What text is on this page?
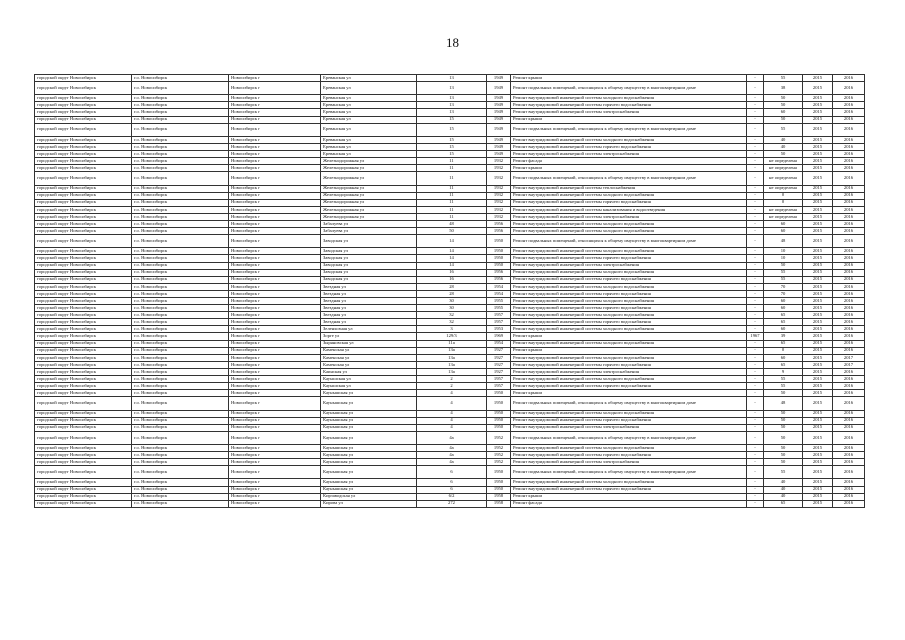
18
городской округ Новосибирск	г.о. Новосибирск	Новосибирск г	Ереванская ул	13	1949	Ремонт крыши	-	55	2015	2016
городской округ Новосибирск	г.о. Новосибирск	Новосибирск г	Ереванская ул	13	1949	Ремонт подвальных помещений, относящихся к общему имуществу в многоквартирном доме	-	38	2015	2016
городской округ Новосибирск	г.о. Новосибирск	Новосибирск г	Ереванская ул	13	1949	Ремонт внутридомовой инженерной системы холодного водоснабжения	-	50	2015	2016
городской округ Новосибирск	г.о. Новосибирск	Новосибирск г	Ереванская ул	13	1949	Ремонт внутридомовой инженерной системы горячего водоснабжения	-	50	2015	2016
городской округ Новосибирск	г.о. Новосибирск	Новосибирск г	Ереванская ул	13	1949	Ремонт внутридомовой инженерной системы электроснабжения	-	60	2015	2016
городской округ Новосибирск	г.о. Новосибирск	Новосибирск г	Ереванская ул	15	1949	Ремонт крыши	-	50	2015	2016
городской округ Новосибирск	г.о. Новосибирск	Новосибирск г	Ереванская ул	15	1949	Ремонт подвальных помещений, относящихся к общему имуществу в многоквартирном доме	-	55	2015	2016
городской округ Новосибирск	г.о. Новосибирск	Новосибирск г	Ереванская ул	15	1949	Ремонт внутридомовой инженерной системы холодного водоснабжения	-	40	2015	2016
городской округ Новосибирск	г.о. Новосибирск	Новосибирск г	Ереванская ул	15	1949	Ремонт внутридомовой инженерной системы горячего водоснабжения	-	40	2015	2016
городской округ Новосибирск	г.о. Новосибирск	Новосибирск г	Ереванская ул	15	1949	Ремонт внутридомовой инженерной системы электроснабжения	-	50	2015	2016
городской округ Новосибирск	г.о. Новосибирск	Новосибирск г	Железнодорожная ул	11	1932	Ремонт фасада	-	не определена	2015	2016
городской округ Новосибирск	г.о. Новосибирск	Новосибирск г	Железнодорожная ул	11	1932	Ремонт крыши	-	не определена	2015	2016
городской округ Новосибирск	г.о. Новосибирск	Новосибирск г	Железнодорожная ул	11	1932	Ремонт подвальных помещений, относящихся к общему имуществу в многоквартирном доме	-	не определена	2015	2016
городской округ Новосибирск	г.о. Новосибирск	Новосибирск г	Железнодорожная ул	11	1932	Ремонт внутридомовой инженерной системы теплоснабжения	-	не определена	2015	2016
городской округ Новосибирск	г.о. Новосибирск	Новосибирск г	Железнодорожная ул	11	1932	Ремонт внутридомовой инженерной системы холодного водоснабжения	-	0	2015	2016
городской округ Новосибирск	г.о. Новосибирск	Новосибирск г	Железнодорожная ул	11	1932	Ремонт внутридомовой инженерной системы горячего водоснабжения	-	0	2015	2016
городской округ Новосибирск	г.о. Новосибирск	Новосибирск г	Железнодорожная ул	11	1932	Ремонт внутридомовой инженерной системы канализования и водоотведения	-	не определена	2015	2016
городской округ Новосибирск	г.о. Новосибирск	Новосибирск г	Железнодорожная ул	11	1932	Ремонт внутридомовой инженерной системы электроснабжения	-	не определена	2015	2016
городской округ Новосибирск	г.о. Новосибирск	Новосибирск г	Забалуева ул	48	1956	Ремонт внутридомовой инженерной системы холодного водоснабжения	-	60	2015	2016
городской округ Новосибирск	г.о. Новосибирск	Новосибирск г	Забалуева ул	50	1956	Ремонт внутридомовой инженерной системы холодного водоснабжения	-	60	2015	2016
городской округ Новосибирск	г.о. Новосибирск	Новосибирск г	Заводская ул	14	1950	Ремонт подвальных помещений, относящихся к общему имуществу в многоквартирном доме	-	48	2015	2016
городской округ Новосибирск	г.о. Новосибирск	Новосибирск г	Заводская ул	14	1950	Ремонт внутридомовой инженерной системы холодного водоснабжения	-	10	2015	2016
городской округ Новосибирск	г.о. Новосибирск	Новосибирск г	Заводская ул	14	1950	Ремонт внутридомовой инженерной системы горячего водоснабжения	-	10	2015	2016
городской округ Новосибирск	г.о. Новосибирск	Новосибирск г	Заводская ул	14	1950	Ремонт внутридомовой инженерной системы электроснабжения	-	50	2015	2016
городской округ Новосибирск	г.о. Новосибирск	Новосибирск г	Заводская ул	16	1956	Ремонт внутридомовой инженерной системы холодного водоснабжения	-	55	2015	2016
городской округ Новосибирск	г.о. Новосибирск	Новосибирск г	Заводская ул	16	1956	Ремонт внутридомовой инженерной системы горячего водоснабжения	-	55	2015	2016
городской округ Новосибирск	г.о. Новосибирск	Новосибирск г	Звездная ул	28	1954	Ремонт внутридомовой инженерной системы холодного водоснабжения	-	70	2015	2016
городской округ Новосибирск	г.о. Новосибирск	Новосибирск г	Звездная ул	28	1954	Ремонт внутридомовой инженерной системы горячего водоснабжения	-	70	2015	2016
городской округ Новосибирск	г.о. Новосибирск	Новосибирск г	Звездная ул	30	1955	Ремонт внутридомовой инженерной системы холодного водоснабжения	-	60	2015	2016
городской округ Новосибирск	г.о. Новосибирск	Новосибирск г	Звездная ул	30	1955	Ремонт внутридомовой инженерной системы горячего водоснабжения	-	60	2015	2016
городской округ Новосибирск	г.о. Новосибирск	Новосибирск г	Звездная ул	32	1957	Ремонт внутридомовой инженерной системы холодного водоснабжения	-	65	2015	2016
городской округ Новосибирск	г.о. Новосибирск	Новосибирск г	Звездная ул	32	1957	Ремонт внутридомовой инженерной системы горячего водоснабжения	-	65	2015	2016
городской округ Новосибирск	г.о. Новосибирск	Новосибирск г	Зеленхозная ул	3	1953	Ремонт внутридомовой инженерной системы холодного водоснабжения	-	60	2015	2016
городской округ Новосибирск	г.о. Новосибирск	Новосибирск г	Зорге ул	129/3	1969	Ремонт крыши	1967	39	2015	2016
городской округ Новосибирск	г.о. Новосибирск	Новосибирск г	Зыряновская ул	11а	1954	Ремонт внутридомовой инженерной системы холодного водоснабжения	-	65	2015	2016
городской округ Новосибирск	г.о. Новосибирск	Новосибирск г	Каменская ул	13а	1927	Ремонт крыши	-	0	2015	2016
городской округ Новосибирск	г.о. Новосибирск	Новосибирск г	Каменская ул	13а	1927	Ремонт внутридомовой инженерной системы холодного водоснабжения	-	60	2015	2017
городской округ Новосибирск	г.о. Новосибирск	Новосибирск г	Каменская ул	13а	1927	Ремонт внутридомовой инженерной системы горячего водоснабжения	-	65	2015	2017
городской округ Новосибирск	г.о. Новосибирск	Новосибирск г	Каинская ул	13а	1927	Ремонт внутридомовой инженерной системы электроснабжения	-	9	2015	2016
городской округ Новосибирск	г.о. Новосибирск	Новосибирск г	Кауышская ул	2	1957	Ремонт внутридомовой инженерной системы холодного водоснабжения	-	55	2015	2016
городской округ Новосибирск	г.о. Новосибирск	Новосибирск г	Кауышская ул	2	1957	Ремонт внутридомовой инженерной системы горячего водоснабжения	-	55	2015	2016
городской округ Новосибирск	г.о. Новосибирск	Новосибирск г	Каунышская ул	4	1950	Ремонт крыши	-	50	2015	2016
городской округ Новосибирск	г.о. Новосибирск	Новосибирск г	Каунышская ул	4	1950	Ремонт подвальных помещений, относящихся к общему имуществу в многоквартирном доме	-	48	2015	2016
городской округ Новосибирск	г.о. Новосибирск	Новосибирск г	Каунышская ул	4	1950	Ремонт внутридомовой инженерной системы холодного водоснабжения	-	50	2015	2016
городской округ Новосибирск	г.о. Новосибирск	Новосибирск г	Каунышская ул	4	1950	Ремонт внутридомовой инженерной системы горячего водоснабжения	-	50	2015	2016
городской округ Новосибирск	г.о. Новосибирск	Новосибирск г	Каунышская ул	4	1950	Ремонт внутридомовой инженерной системы электроснабжения	-	50	2015	2016
городской округ Новосибирск	г.о. Новосибирск	Новосибирск г	Каунышская ул	4а	1952	Ремонт подвальных помещений, относящихся к общему имуществу в многоквартирном доме	-	50	2015	2016
городской округ Новосибирск	г.о. Новосибирск	Новосибирск г	Каунышская ул	4а	1952	Ремонт внутридомовой инженерной системы холодного водоснабжения	-	50	2015	2016
городской округ Новосибирск	г.о. Новосибирск	Новосибирск г	Каунышская ул	4а	1952	Ремонт внутридомовой инженерной системы горячего водоснабжения	-	50	2015	2016
городской округ Новосибирск	г.о. Новосибирск	Новосибирск г	Каунышская ул	4а	1952	Ремонт внутридомовой инженерной системы электроснабжения	-	50	2015	2016
городской округ Новосибирск	г.о. Новосибирск	Новосибирск г	Каунышская ул	6	1950	Ремонт подвальных помещений, относящихся к общему имуществу в многоквартирном доме	-	55	2015	2016
городской округ Новосибирск	г.о. Новосибирск	Новосибирск г	Каунышская ул	6	1950	Ремонт внутридомовой инженерной системы холодного водоснабжения	-	40	2015	2016
городской округ Новосибирск	г.о. Новосибирск	Новосибирск г	Каунышская ул	6	1950	Ремонт внутридомовой инженерной системы горячего водоснабжения	-	40	2015	2016
городской округ Новосибирск	г.о. Новосибирск	Новосибирск г	Кирзаводская ул	6/2	1958	Ремонт крыши	-	40	2015	2016
городской округ Новосибирск	г.о. Новосибирск	Новосибирск г	Кирова ул	272	1958	Ремонт фасада	-	65	2015	2016
